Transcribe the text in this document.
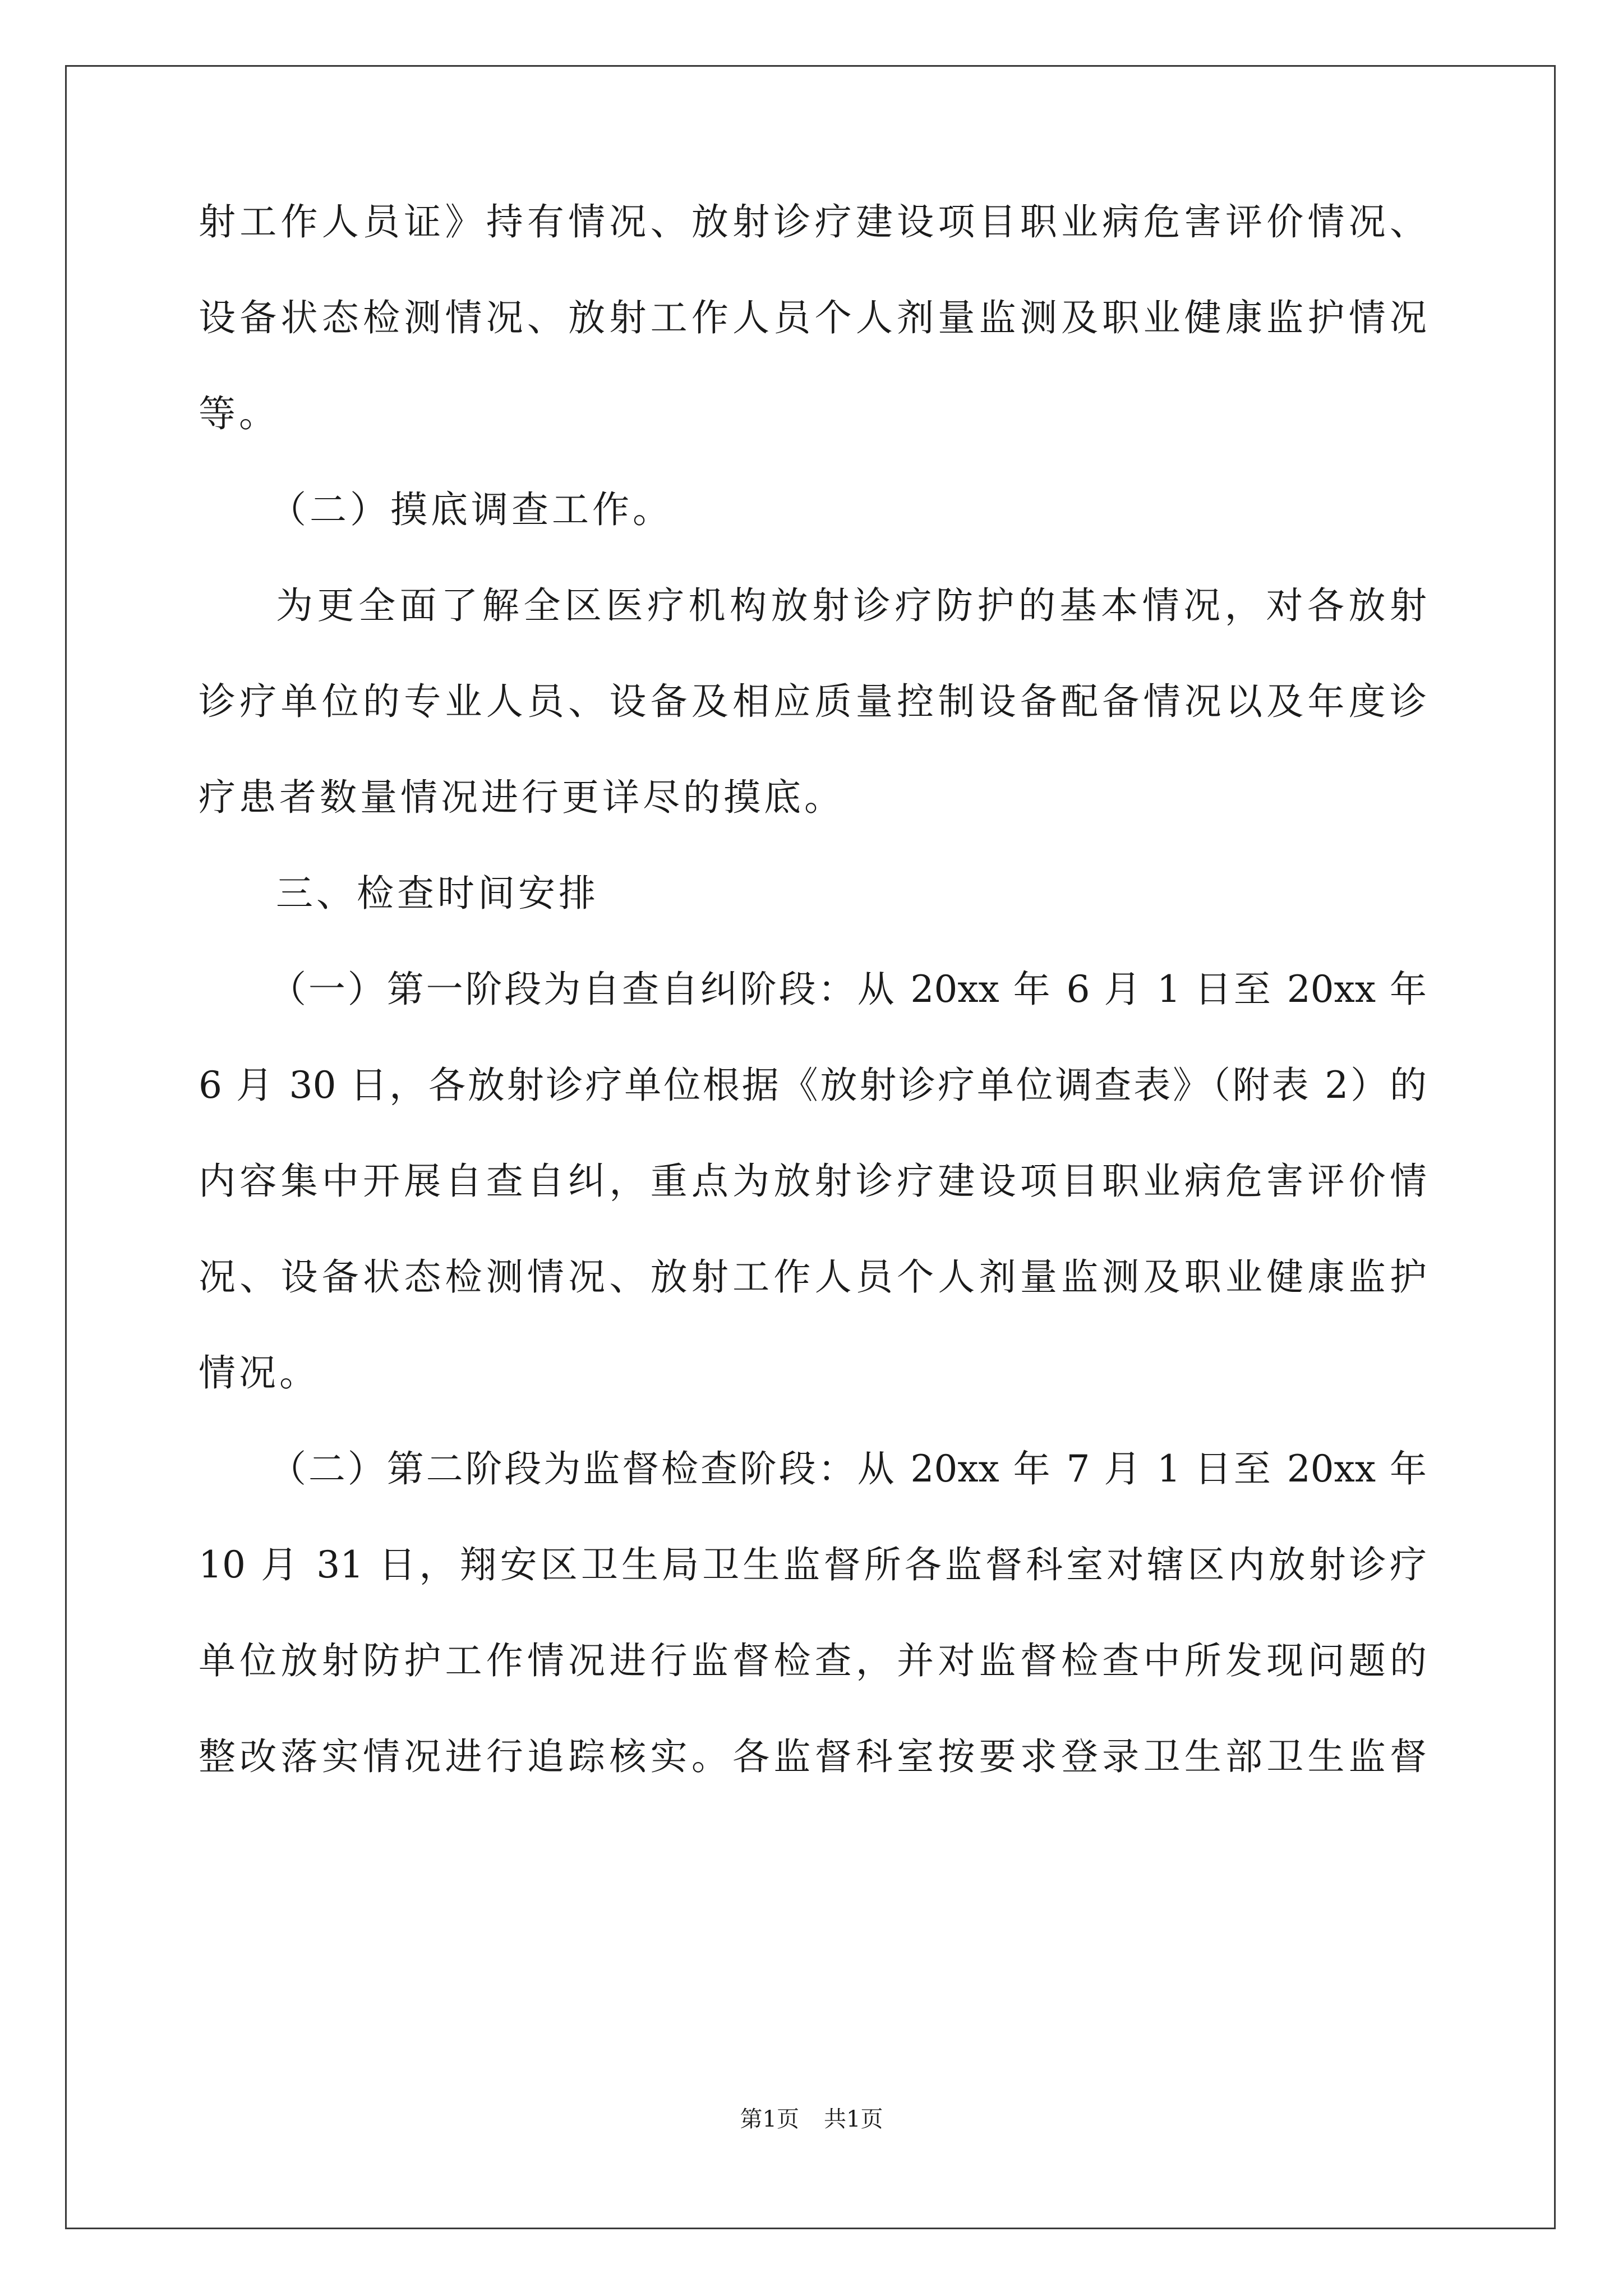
射工作人员证》持有情况、放射诊疗建设项目职业病危害评价情况、
设备状态检测情况、放射工作人员个人剂量监测及职业健康监护情况
等。
（二）摸底调查工作。
为更全面了解全区医疗机构放射诊疗防护的基本情况，对各放射
诊疗单位的专业人员、设备及相应质量控制设备配备情况以及年度诊
疗患者数量情况进行更详尽的摸底。
三、检查时间安排
（一）第一阶段为自查自纠阶段：从 20xx 年 6 月 1 日至 20xx 年
6 月 30 日，各放射诊疗单位根据《放射诊疗单位调查表》（附表 2）的
内容集中开展自查自纠，重点为放射诊疗建设项目职业病危害评价情
况、设备状态检测情况、放射工作人员个人剂量监测及职业健康监护
情况。
（二）第二阶段为监督检查阶段：从 20xx 年 7 月 1 日至 20xx 年
10 月 31 日，翔安区卫生局卫生监督所各监督科室对辖区内放射诊疗
单位放射防护工作情况进行监督检查，并对监督检查中所发现问题的
整改落实情况进行追踪核实。各监督科室按要求登录卫生部卫生监督
第1页 共1页
